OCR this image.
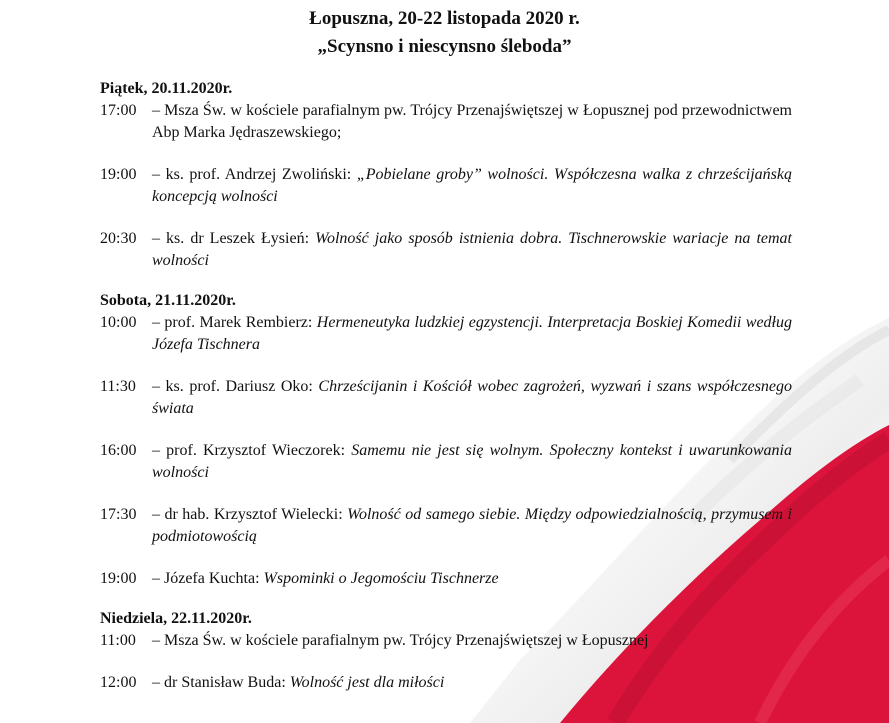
Łopuszna, 20-22 listopada 2020 r.
„Scynsno i niescynsno śleboda”
Piątek, 20.11.2020r.
17:00 – Msza Św. w kościele parafialnym pw. Trójcy Przenajświętszej w Łopusznej pod przewodnictwem Abp Marka Jędraszewskiego;
19:00 – ks. prof. Andrzej Zwoliński: „Pobielane groby” wolności. Współczesna walka z chrześcijańską koncepcją wolności
20:30 – ks. dr Leszek Łysień: Wolność jako sposób istnienia dobra. Tischnerowskie wariacje na temat wolności
Sobota, 21.11.2020r.
10:00 – prof. Marek Rembierz: Hermeneutyka ludzkiej egzystencji. Interpretacja Boskiej Komedii według Józefa Tischnera
11:30	– ks. prof. Dariusz Oko: Chrześcijanin i Kościół wobec zagrożeń, wyzwań i szans współczesnego świata
16:00 – prof. Krzysztof Wieczorek: Samemu nie jest się wolnym. Społeczny kontekst i uwarunkowania wolności
17:30 – dr hab. Krzysztof Wielecki: Wolność od samego siebie. Między odpowiedzialnością, przymusem i podmiotowością
19:00 – Józefa Kuchta: Wspominki o Jegomościu Tischnerze
Niedziela, 22.11.2020r.
11:00	– Msza Św. w kościele parafialnym pw. Trójcy Przenajświętszej w Łopusznej
12:00 – dr Stanisław Buda: Wolność jest dla miłości
